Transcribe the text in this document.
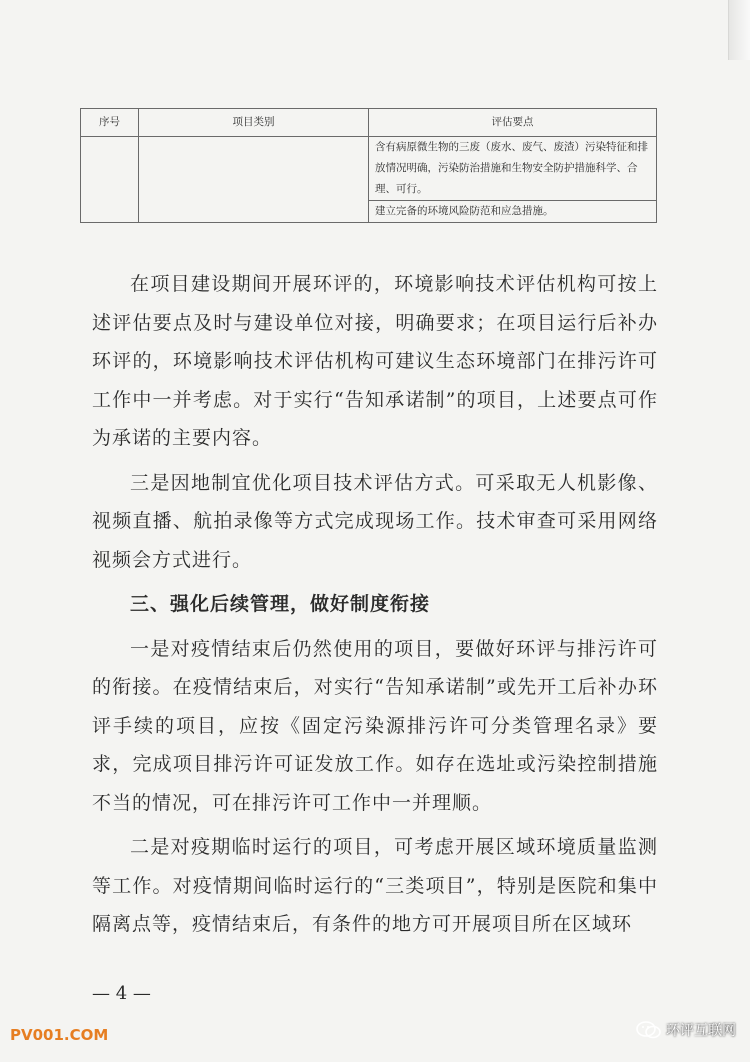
序号	项目类别	评估要点
		含有病原微生物的三废（废水、废气、废渣）污染特征和排放情况明确，污染防治措施和生物安全防护措施科学、合理、可行。
		建立完备的环境风险防范和应急措施。

在项目建设期间开展环评的，环境影响技术评估机构可按上述评估要点及时与建设单位对接，明确要求；在项目运行后补办环评的，环境影响技术评估机构可建议生态环境部门在排污许可工作中一并考虑。对于实行“告知承诺制”的项目，上述要点可作为承诺的主要内容。

三是因地制宜优化项目技术评估方式。可采取无人机影像、视频直播、航拍录像等方式完成现场工作。技术审查可采用网络视频会方式进行。

三、强化后续管理，做好制度衔接

一是对疫情结束后仍然使用的项目，要做好环评与排污许可的衔接。在疫情结束后，对实行“告知承诺制”或先开工后补办环评手续的项目，应按《固定污染源排污许可分类管理名录》要求，完成项目排污许可证发放工作。如存在选址或污染控制措施不当的情况，可在排污许可工作中一并理顺。

二是对疫期临时运行的项目，可考虑开展区域环境质量监测等工作。对疫情期间临时运行的“三类项目”，特别是医院和集中隔离点等，疫情结束后，有条件的地方可开展项目所在区域环

— 4 —
PV001.COM	环评互联网
